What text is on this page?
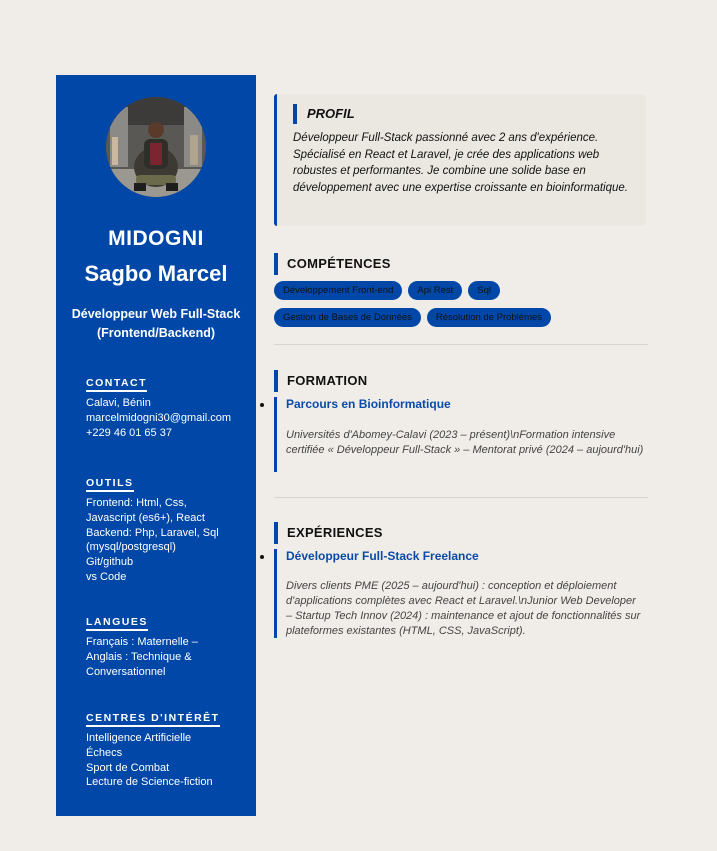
MIDOGNI
Sagbo Marcel
Développeur Web Full-Stack (Frontend/Backend)
CONTACT
Calavi, Bénin
marcelmidogni30@gmail.com
+229 46 01 65 37
OUTILS
Frontend: Html, Css,
Javascript (es6+), React
Backend: Php, Laravel, Sql
(mysql/postgresql)
Git/github
vs Code
LANGUES
Français : Maternelle –
Anglais : Technique &
Conversationnel
CENTRES D'INTÉRÊT
Intelligence Artificielle
Échecs
Sport de Combat
Lecture de Science-fiction
PROFIL
Développeur Full-Stack passionné avec 2 ans d'expérience. Spécialisé en React et Laravel, je crée des applications web robustes et performantes. Je combine une solide base en développement avec une expertise croissante en bioinformatique.
COMPÉTENCES
Développement Front-end	Api Rest	Sql
Gestion de Bases de Données	Résolution de Problèmes
FORMATION
Parcours en Bioinformatique
Universités d'Abomey-Calavi (2023 – présent)\nFormation intensive certifiée « Développeur Full-Stack » – Mentorat privé (2024 – aujourd'hui)
EXPÉRIENCES
Développeur Full-Stack Freelance
Divers clients PME (2025 – aujourd'hui) : conception et déploiement d'applications complètes avec React et Laravel.\nJunior Web Developer – Startup Tech Innov (2024) : maintenance et ajout de fonctionnalités sur plateformes existantes (HTML, CSS, JavaScript).
